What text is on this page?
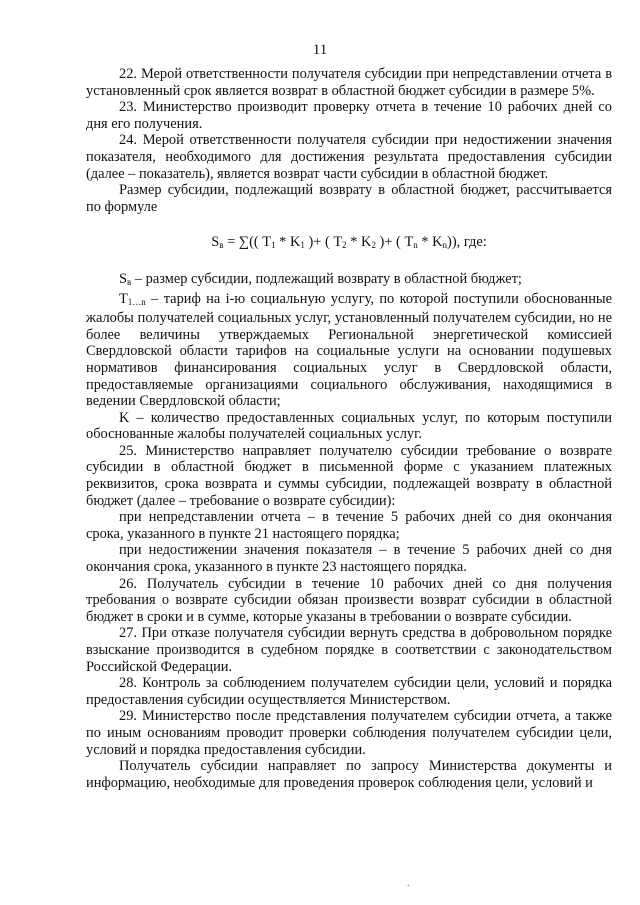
11

22. Мерой ответственности получателя субсидии при непредставлении отчета в установленный срок является возврат в областной бюджет субсидии в размере 5%.

23. Министерство производит проверку отчета в течение 10 рабочих дней со дня его получения.

24. Мерой ответственности получателя субсидии при недостижении значения показателя, необходимого для достижения результата предоставления субсидии (далее – показатель), является возврат части субсидии в областной бюджет.

Размер субсидии, подлежащий возврату в областной бюджет, рассчитывается по формуле

$S_в$ = ∑(( $T_1 * K_1$ )+ ( $T_2 * K_2$ )+ ( $T_n * K_n$)), где:

$S_в$ – размер субсидии, подлежащий возврату в областной бюджет;

$T_{1\dots n}$ – тариф на i-ю социальную услугу, по которой поступили обоснованные жалобы получателей социальных услуг, установленный получателем субсидии, но не более величины утверждаемых Региональной энергетической комиссией Свердловской области тарифов на социальные услуги на основании подушевых нормативов финансирования социальных услуг в Свердловской области, предоставляемые организациями социального обслуживания, находящимися в ведении Свердловской области;

K – количество предоставленных социальных услуг, по которым поступили обоснованные жалобы получателей социальных услуг.

25. Министерство направляет получателю субсидии требование о возврате субсидии в областной бюджет в письменной форме с указанием платежных реквизитов, срока возврата и суммы субсидии, подлежащей возврату в областной бюджет (далее – требование о возврате субсидии):

при непредставлении отчета – в течение 5 рабочих дней со дня окончания срока, указанного в пункте 21 настоящего порядка;

при недостижении значения показателя – в течение 5 рабочих дней со дня окончания срока, указанного в пункте 23 настоящего порядка.

26. Получатель субсидии в течение 10 рабочих дней со дня получения требования о возврате субсидии обязан произвести возврат субсидии в областной бюджет в сроки и в сумме, которые указаны в требовании о возврате субсидии.

27. При отказе получателя субсидии вернуть средства в добровольном порядке взыскание производится в судебном порядке в соответствии с законодательством Российской Федерации.

28. Контроль за соблюдением получателем субсидии цели, условий и порядка предоставления субсидии осуществляется Министерством.

29. Министерство после представления получателем субсидии отчета, а также по иным основаниям проводит проверки соблюдения получателем субсидии цели, условий и порядка предоставления субсидии.

Получатель субсидии направляет по запросу Министерства документы и информацию, необходимые для проведения проверок соблюдения цели, условий и

.
